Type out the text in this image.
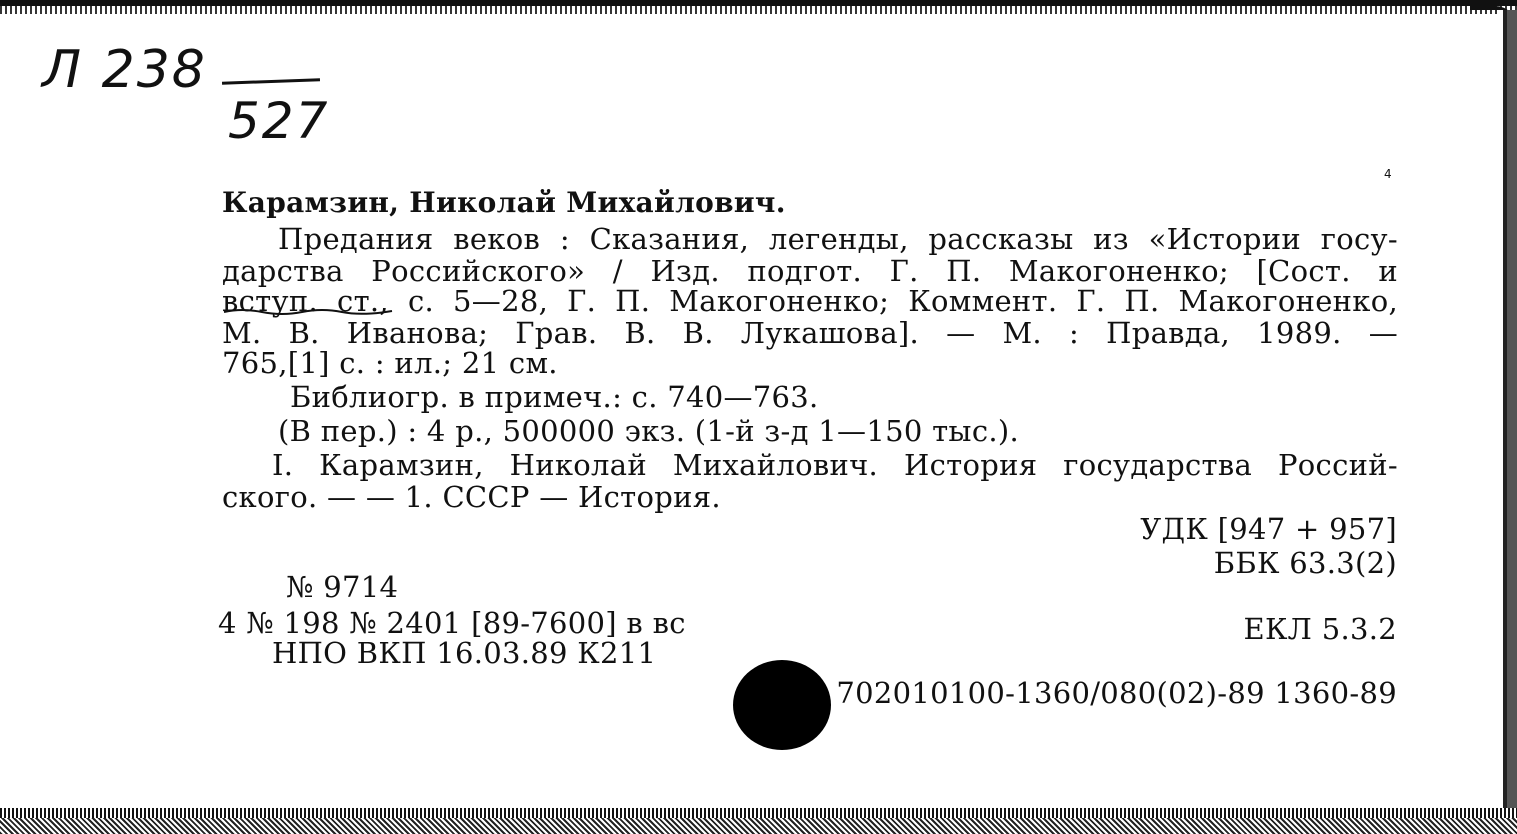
Л 238
527
4
Карамзин, Николай Михайлович.
Предания веков : Сказания, легенды, рассказы из «Истории госу-
дарства Российского» / Изд. подгот. Г. П. Макогоненко; [Сост. и
вступ. ст., с. 5—28, Г. П. Макогоненко; Коммент. Г. П. Макогоненко,
М. В. Иванова; Грав. В. В. Лукашова]. — М. : Правда, 1989. —
765,[1] с. : ил.; 21 см.
Библиогр. в примеч.: с. 740—763.
(В пер.) : 4 р., 500000 экз. (1-й з-д 1—150 тыс.).
I. Карамзин, Николай Михайлович. История государства Россий-
ского. — — 1. СССР — История.
УДК [947 + 957]
ББК 63.3(2)
№ 9714
4 № 198 № 2401 [89-7600] в вс	ЕКЛ 5.3.2
НПО ВКП 16.03.89 К211
702010100-1360/080(02)-89 1360-89
